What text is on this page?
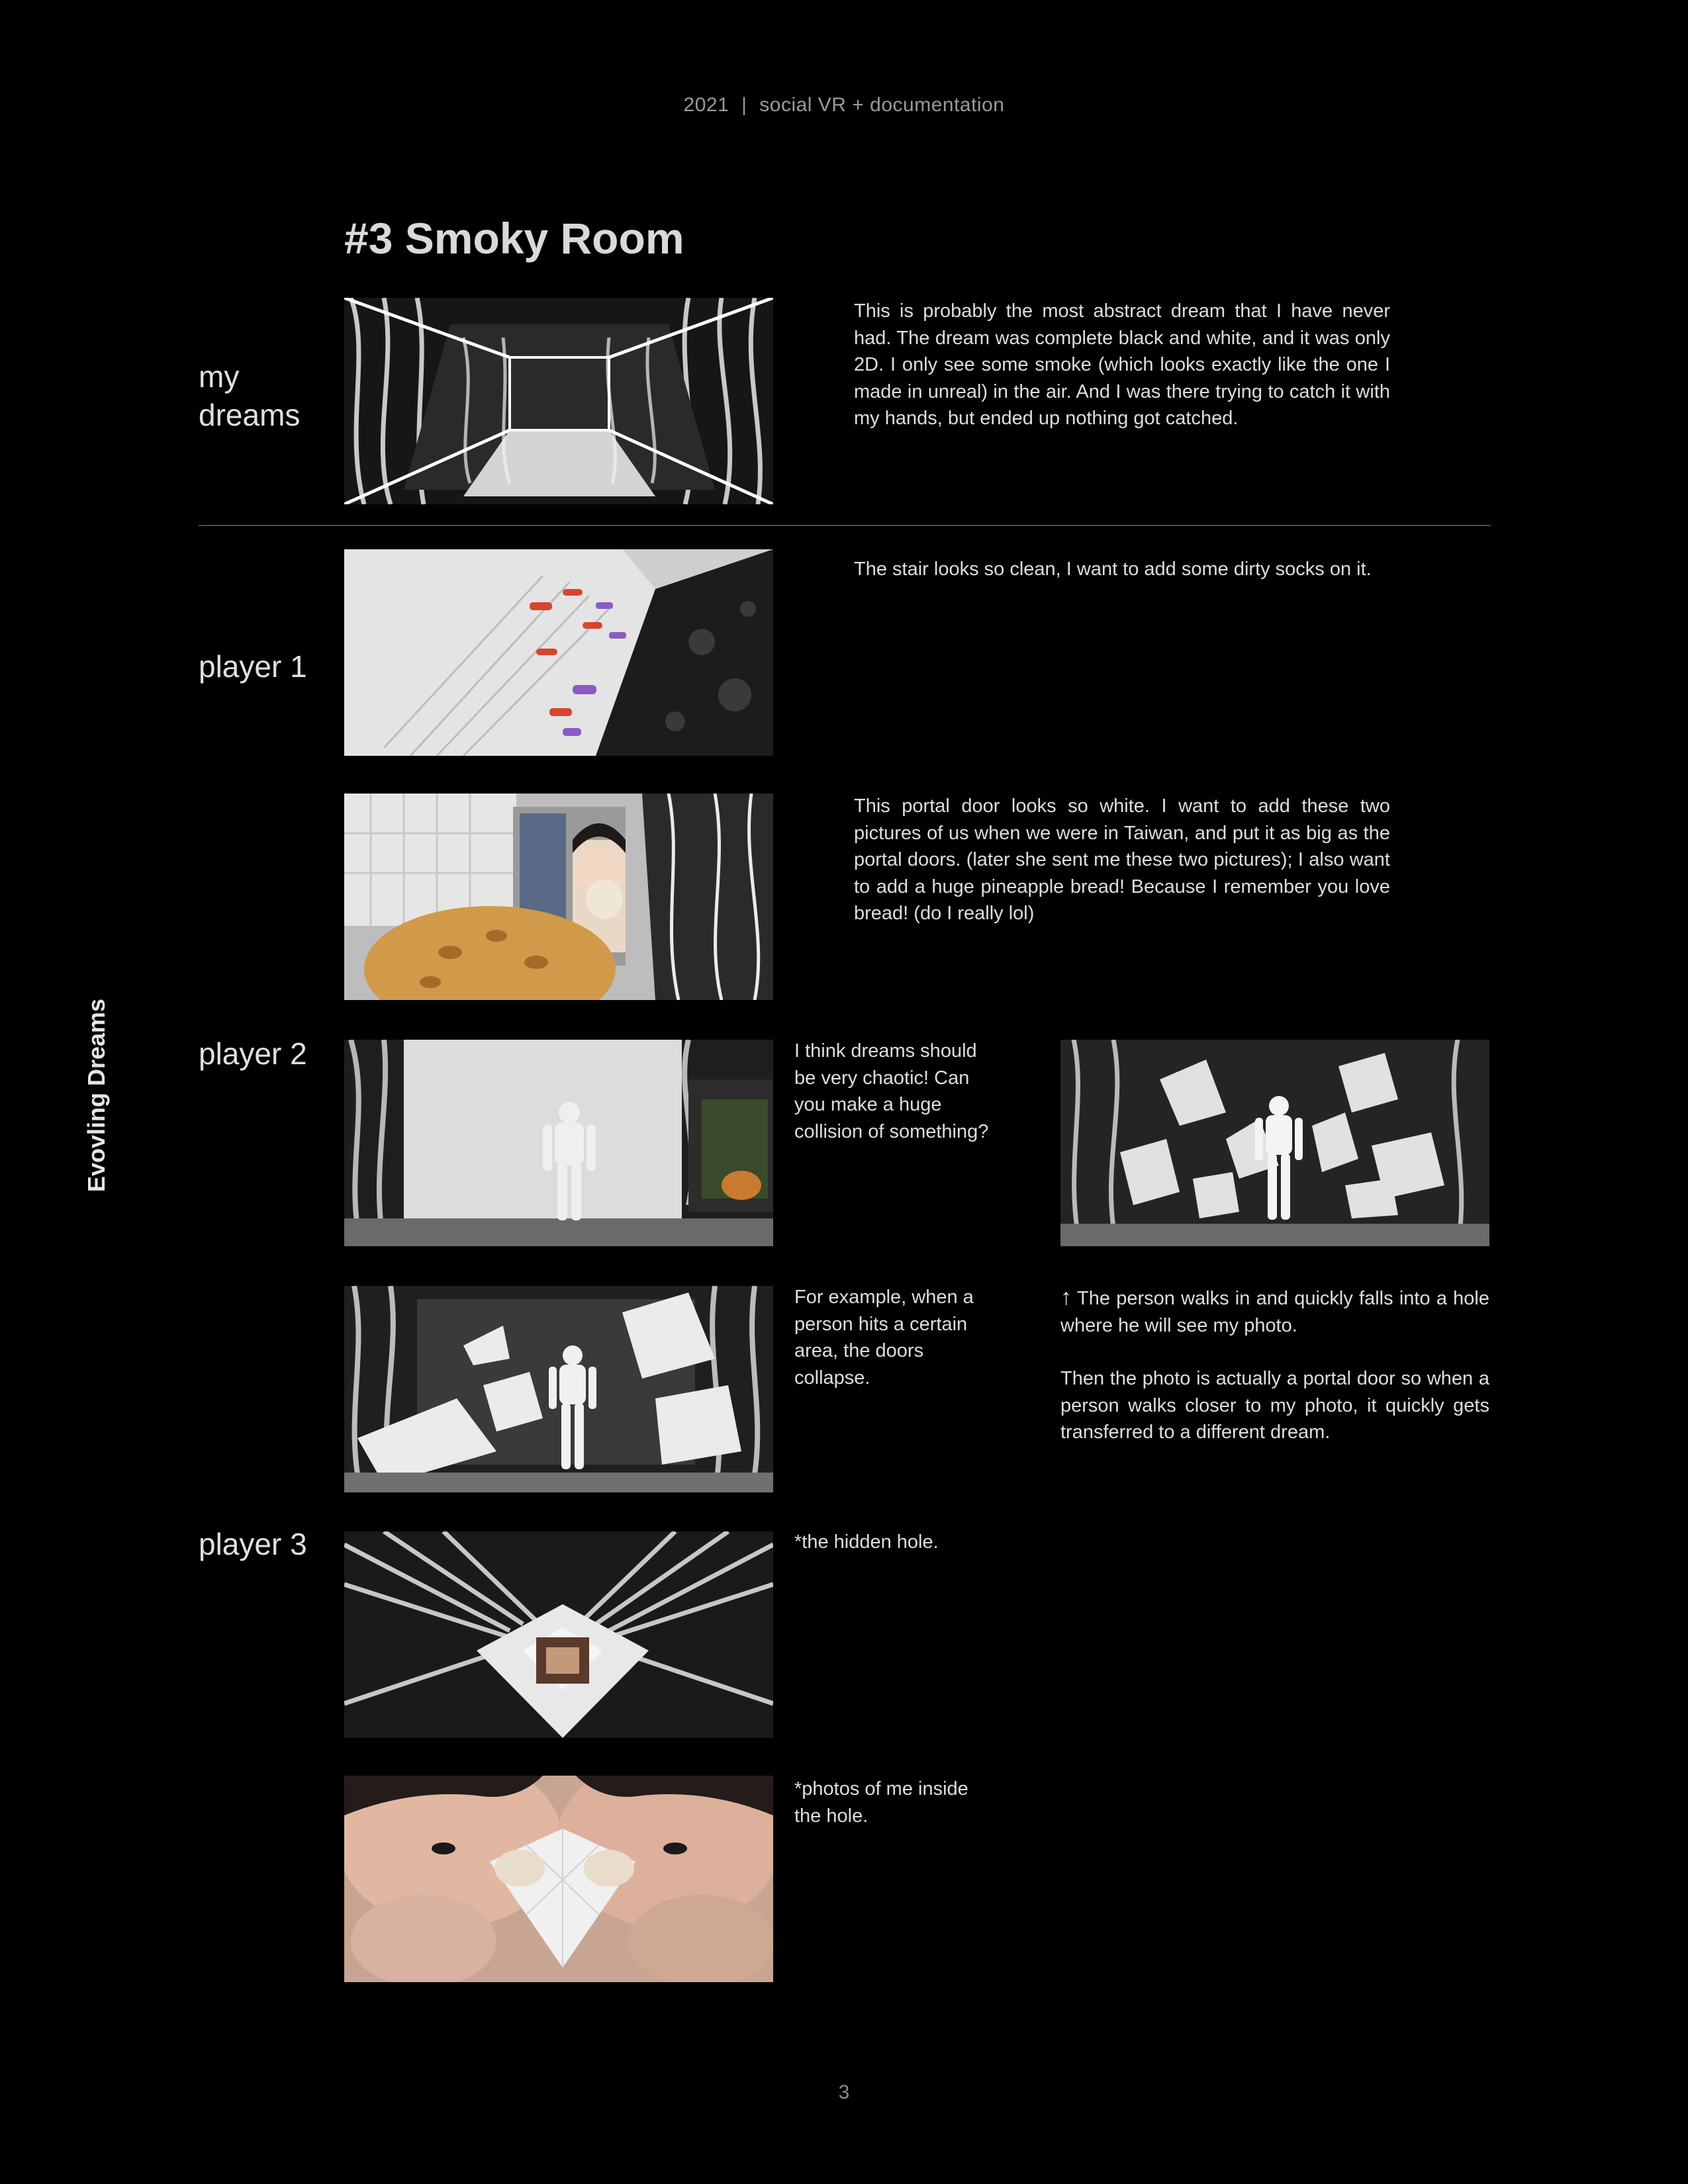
2021 | social VR + documentation
Evovling Dreams
#3 Smoky Room
my
dreams
This is probably the most abstract dream that I have never had. The dream was complete black and white, and it was only 2D. I only see some smoke (which looks exactly like the one I made in unreal) in the air. And I was there trying to catch it with my hands, but ended up nothing got catched.
player 1
The stair looks so clean, I want to add some dirty socks on it.
This portal door looks so white. I want to add these two pictures of us when we were in Taiwan, and put it as big as the portal doors. (later she sent me these two pictures); I also want to add a huge pineapple bread! Because I remember you love bread! (do I really lol)
player 2	I think dreams should be very chaotic! Can you make a huge collision of something?
For example, when a person hits a certain area, the doors collapse.
↑ The person walks in and quickly falls into a hole where he will see my photo.
Then the photo is actually a portal door so when a person walks closer to my photo, it quickly gets transferred to a different dream.
player 3	*the hidden hole.
*photos of me inside the hole.
3
